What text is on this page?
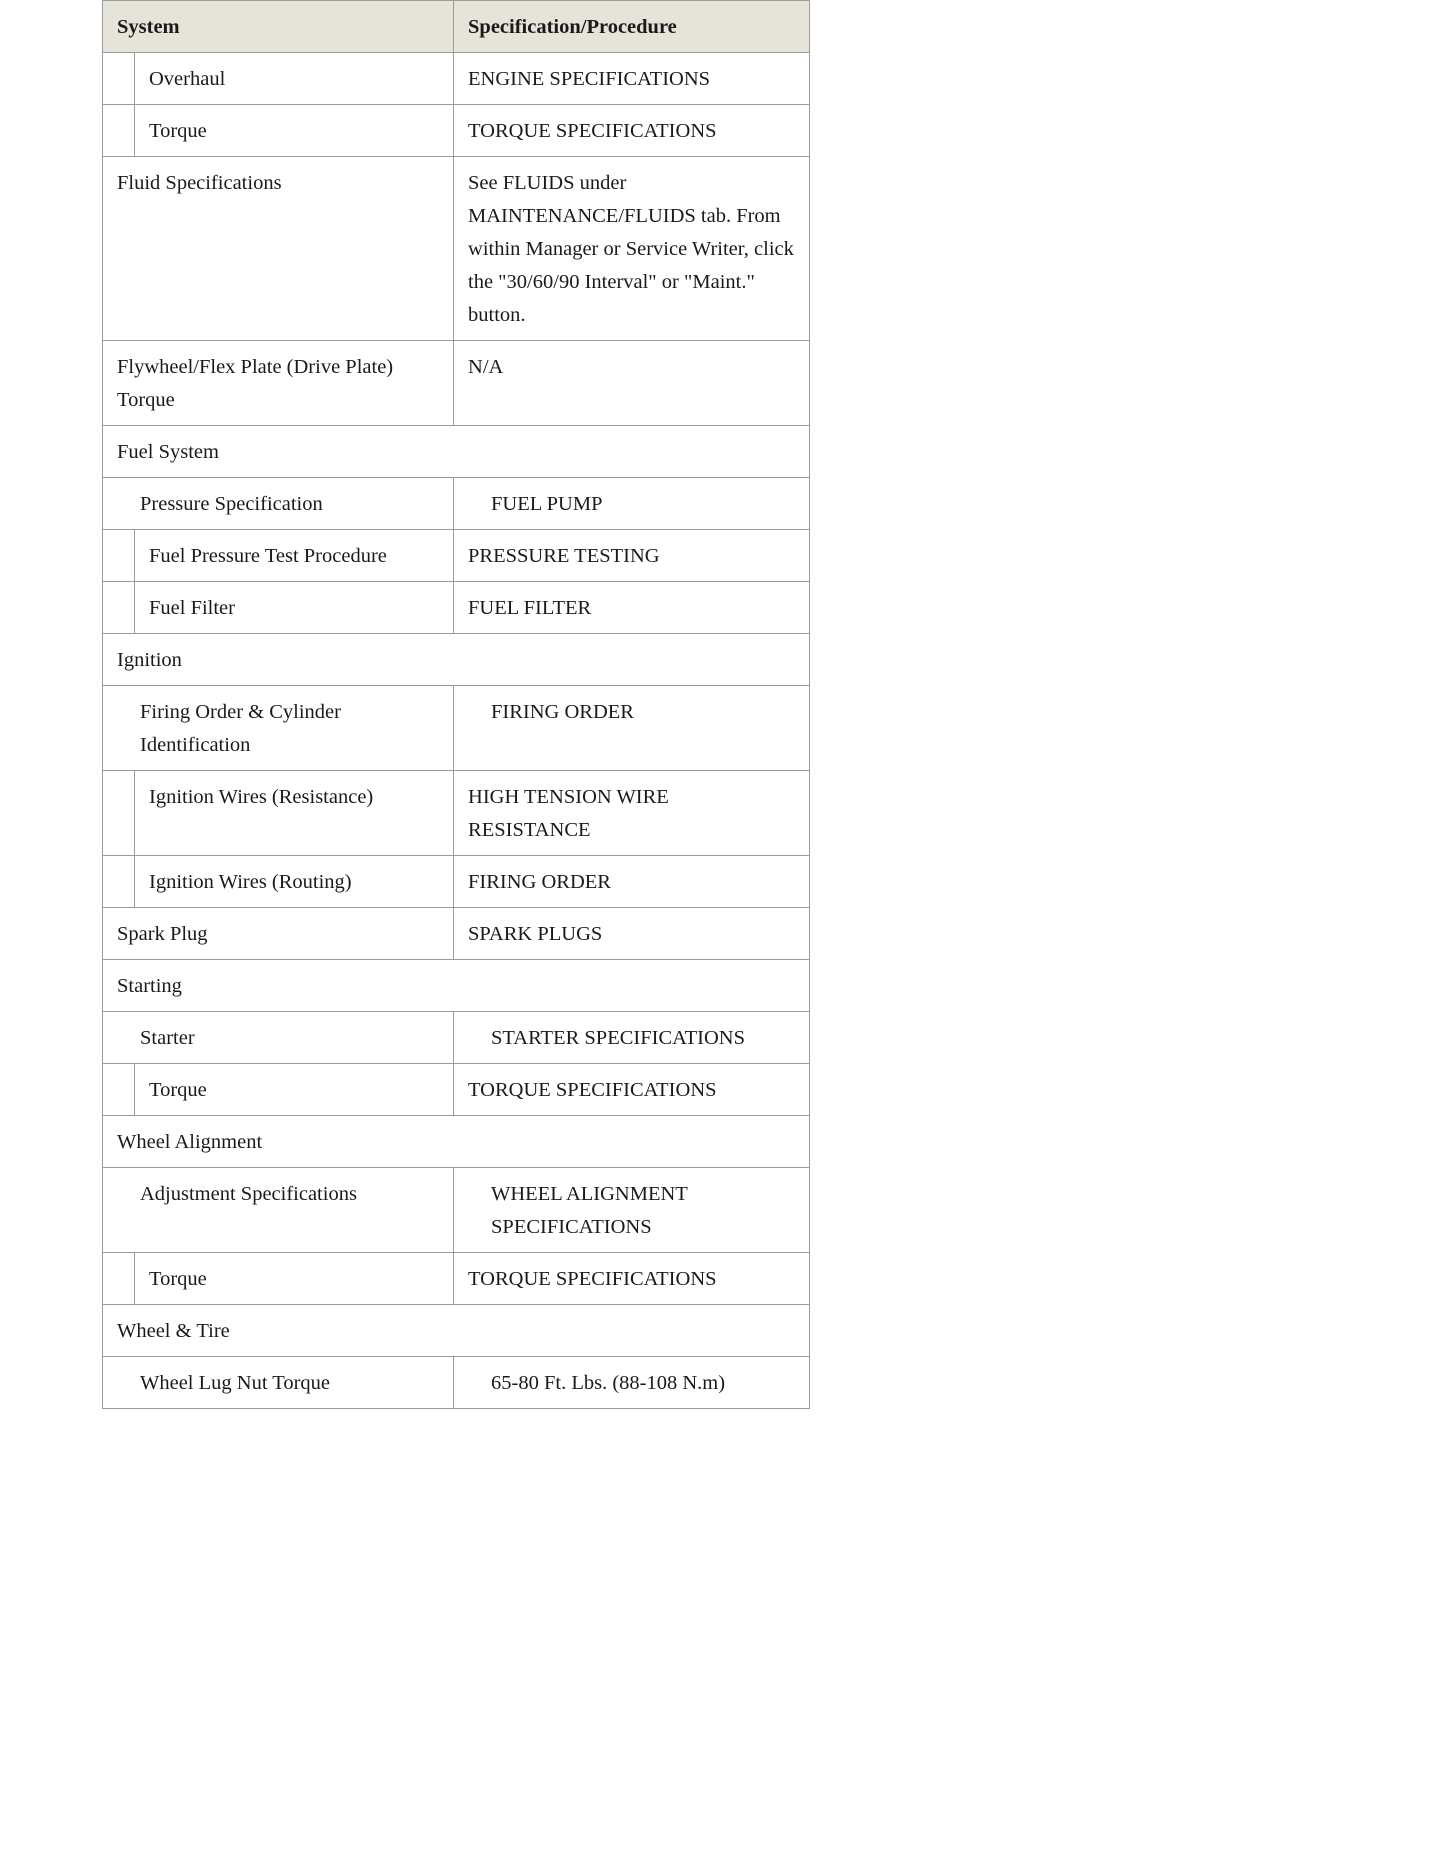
System		Specification/Procedure
	Overhaul	ENGINE SPECIFICATIONS
	Torque	TORQUE SPECIFICATIONS
Fluid Specifications		See FLUIDS under MAINTENANCE/FLUIDS tab. From within Manager or Service Writer, click the "30/60/90 Interval" or "Maint." button.
Flywheel/Flex Plate (Drive Plate) Torque		N/A
Fuel System		
Pressure Specification		FUEL PUMP
	Fuel Pressure Test Procedure	PRESSURE TESTING
	Fuel Filter	FUEL FILTER
Ignition		
Firing Order & Cylinder Identification		FIRING ORDER
	Ignition Wires (Resistance)	HIGH TENSION WIRE RESISTANCE
	Ignition Wires (Routing)	FIRING ORDER
Spark Plug		SPARK PLUGS
Starting		
Starter		STARTER SPECIFICATIONS
	Torque	TORQUE SPECIFICATIONS
Wheel Alignment		
Adjustment Specifications		WHEEL ALIGNMENT SPECIFICATIONS
	Torque	TORQUE SPECIFICATIONS
Wheel & Tire		
Wheel Lug Nut Torque		65-80 Ft. Lbs. (88-108 N.m)
